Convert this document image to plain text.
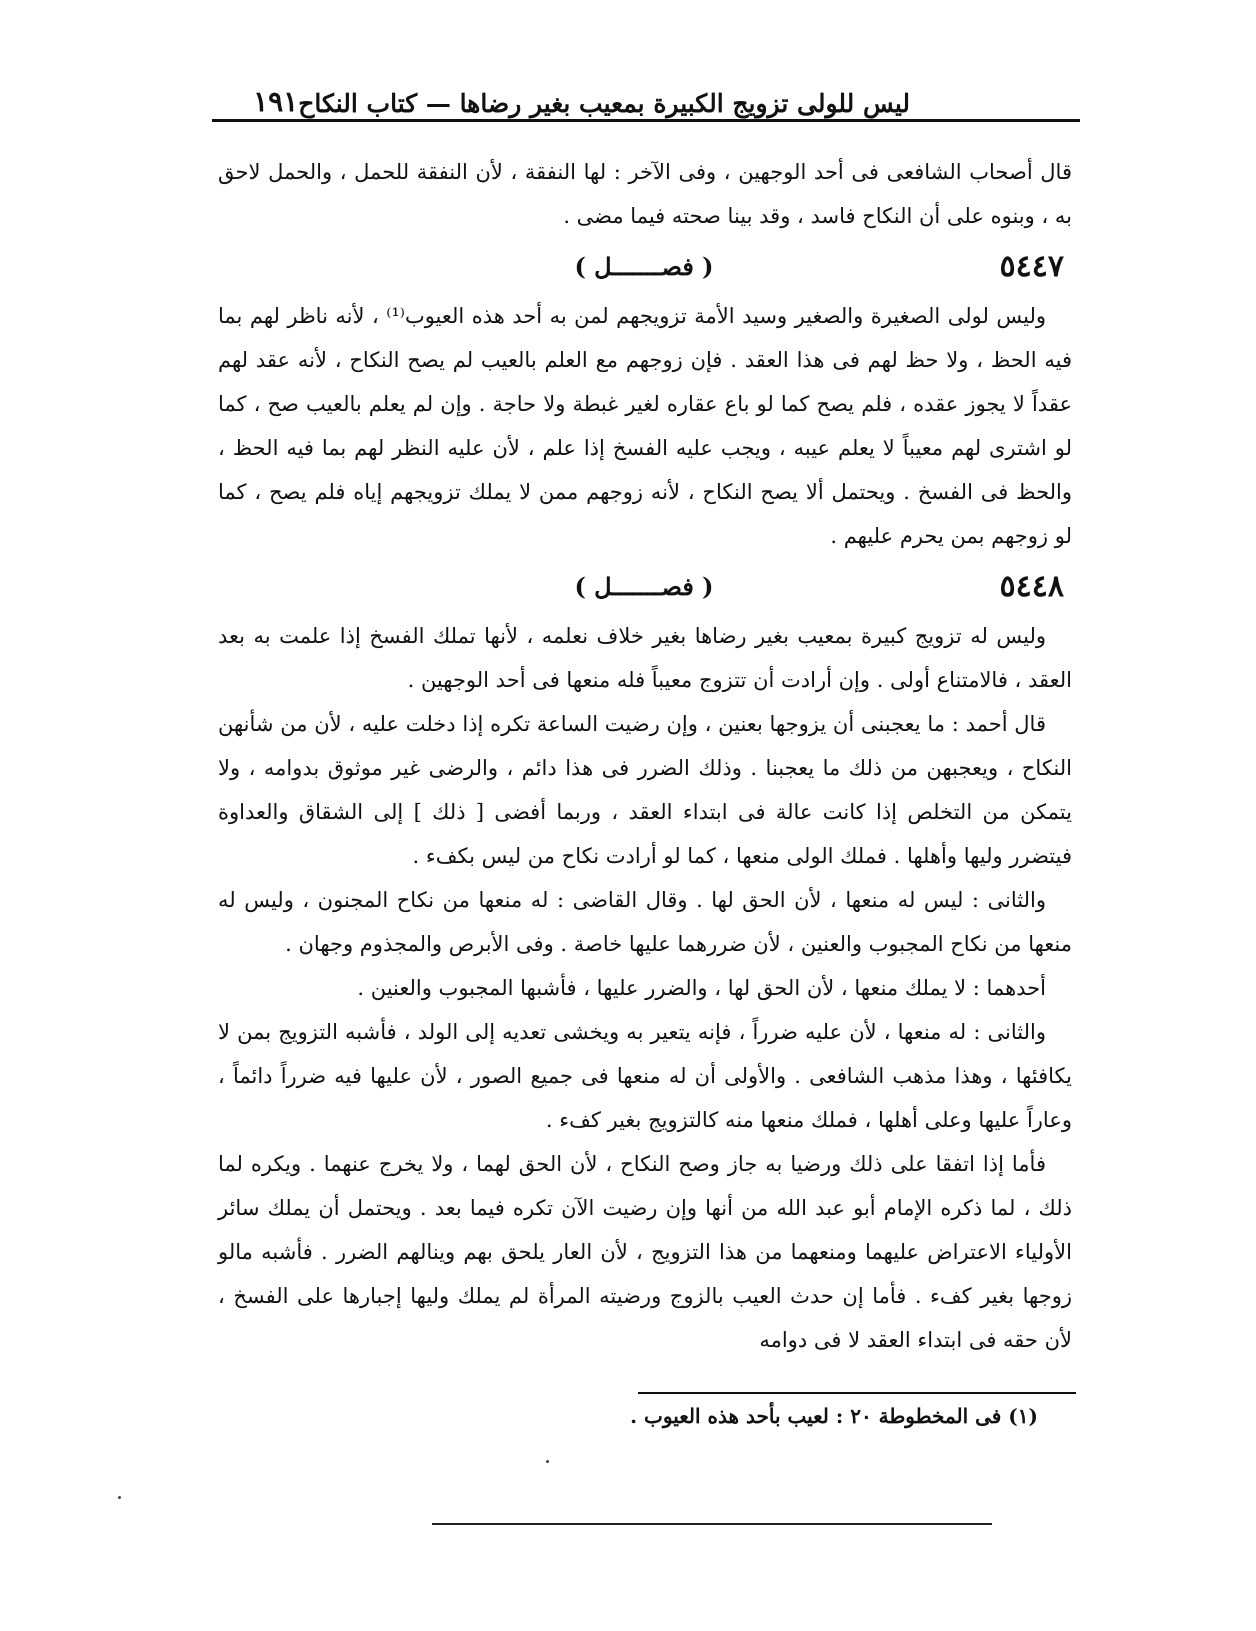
ليس للولى تزويج الكبيرة بمعيب بغير رضاها — كتاب النكاح
١٩١

قال أصحاب الشافعى فى أحد الوجهين ، وفى الآخر : لها النفقة ، لأن النفقة للحمل ، والحمل لاحق به ، وبنوه على أن النكاح فاسد ، وقد بينا صحته فيما مضى .

٥٤٤٧
( فصـــــــل )

وليس لولى الصغيرة والصغير وسيد الأمة تزويجهم لمن به أحد هذه العيوب⁽¹⁾ ، لأنه ناظر لهم بما فيه الحظ ، ولا حظ لهم فى هذا العقد . فإن زوجهم مع العلم بالعيب لم يصح النكاح ، لأنه عقد لهم عقداً لا يجوز عقده ، فلم يصح كما لو باع عقاره لغير غبطة ولا حاجة . وإن لم يعلم بالعيب صح ، كما لو اشترى لهم معيباً لا يعلم عيبه ، ويجب عليه الفسخ إذا علم ، لأن عليه النظر لهم بما فيه الحظ ، والحظ فى الفسخ . ويحتمل ألا يصح النكاح ، لأنه زوجهم ممن لا يملك تزويجهم إياه فلم يصح ، كما لو زوجهم بمن يحرم عليهم .

٥٤٤٨
( فصـــــــل )

وليس له تزويج كبيرة بمعيب بغير رضاها بغير خلاف نعلمه ، لأنها تملك الفسخ إذا علمت به بعد العقد ، فالامتناع أولى . وإن أرادت أن تتزوج معيباً فله منعها فى أحد الوجهين .

قال أحمد : ما يعجبنى أن يزوجها بعنين ، وإن رضيت الساعة تكره إذا دخلت عليه ، لأن من شأنهن النكاح ، ويعجبهن من ذلك ما يعجبنا . وذلك الضرر فى هذا دائم ، والرضى غير موثوق بدوامه ، ولا يتمكن من التخلص إذا كانت عالة فى ابتداء العقد ، وربما أفضى [ ذلك ] إلى الشقاق والعداوة فيتضرر وليها وأهلها . فملك الولى منعها ، كما لو أرادت نكاح من ليس بكفء .

والثانى : ليس له منعها ، لأن الحق لها . وقال القاضى : له منعها من نكاح المجنون ، وليس له منعها من نكاح المجبوب والعنين ، لأن ضررهما عليها خاصة . وفى الأبرص والمجذوم وجهان .

أحدهما : لا يملك منعها ، لأن الحق لها ، والضرر عليها ، فأشبها المجبوب والعنين .

والثانى : له منعها ، لأن عليه ضرراً ، فإنه يتعير به ويخشى تعديه إلى الولد ، فأشبه التزويج بمن لا يكافئها ، وهذا مذهب الشافعى . والأولى أن له منعها فى جميع الصور ، لأن عليها فيه ضرراً دائماً ، وعاراً عليها وعلى أهلها ، فملك منعها منه كالتزويج بغير كفء .

فأما إذا اتفقا على ذلك ورضيا به جاز وصح النكاح ، لأن الحق لهما ، ولا يخرج عنهما . ويكره لما ذلك ، لما ذكره الإمام أبو عبد الله من أنها وإن رضيت الآن تكره فيما بعد . ويحتمل أن يملك سائر الأولياء الاعتراض عليهما ومنعهما من هذا التزويج ، لأن العار يلحق بهم وينالهم الضرر . فأشبه مالو زوجها بغير كفء . فأما إن حدث العيب بالزوج ورضيته المرأة لم يملك وليها إجبارها على الفسخ ، لأن حقه فى ابتداء العقد لا فى دوامه

(١) فى المخطوطة ٢٠ : لعيب بأحد هذه العيوب .
